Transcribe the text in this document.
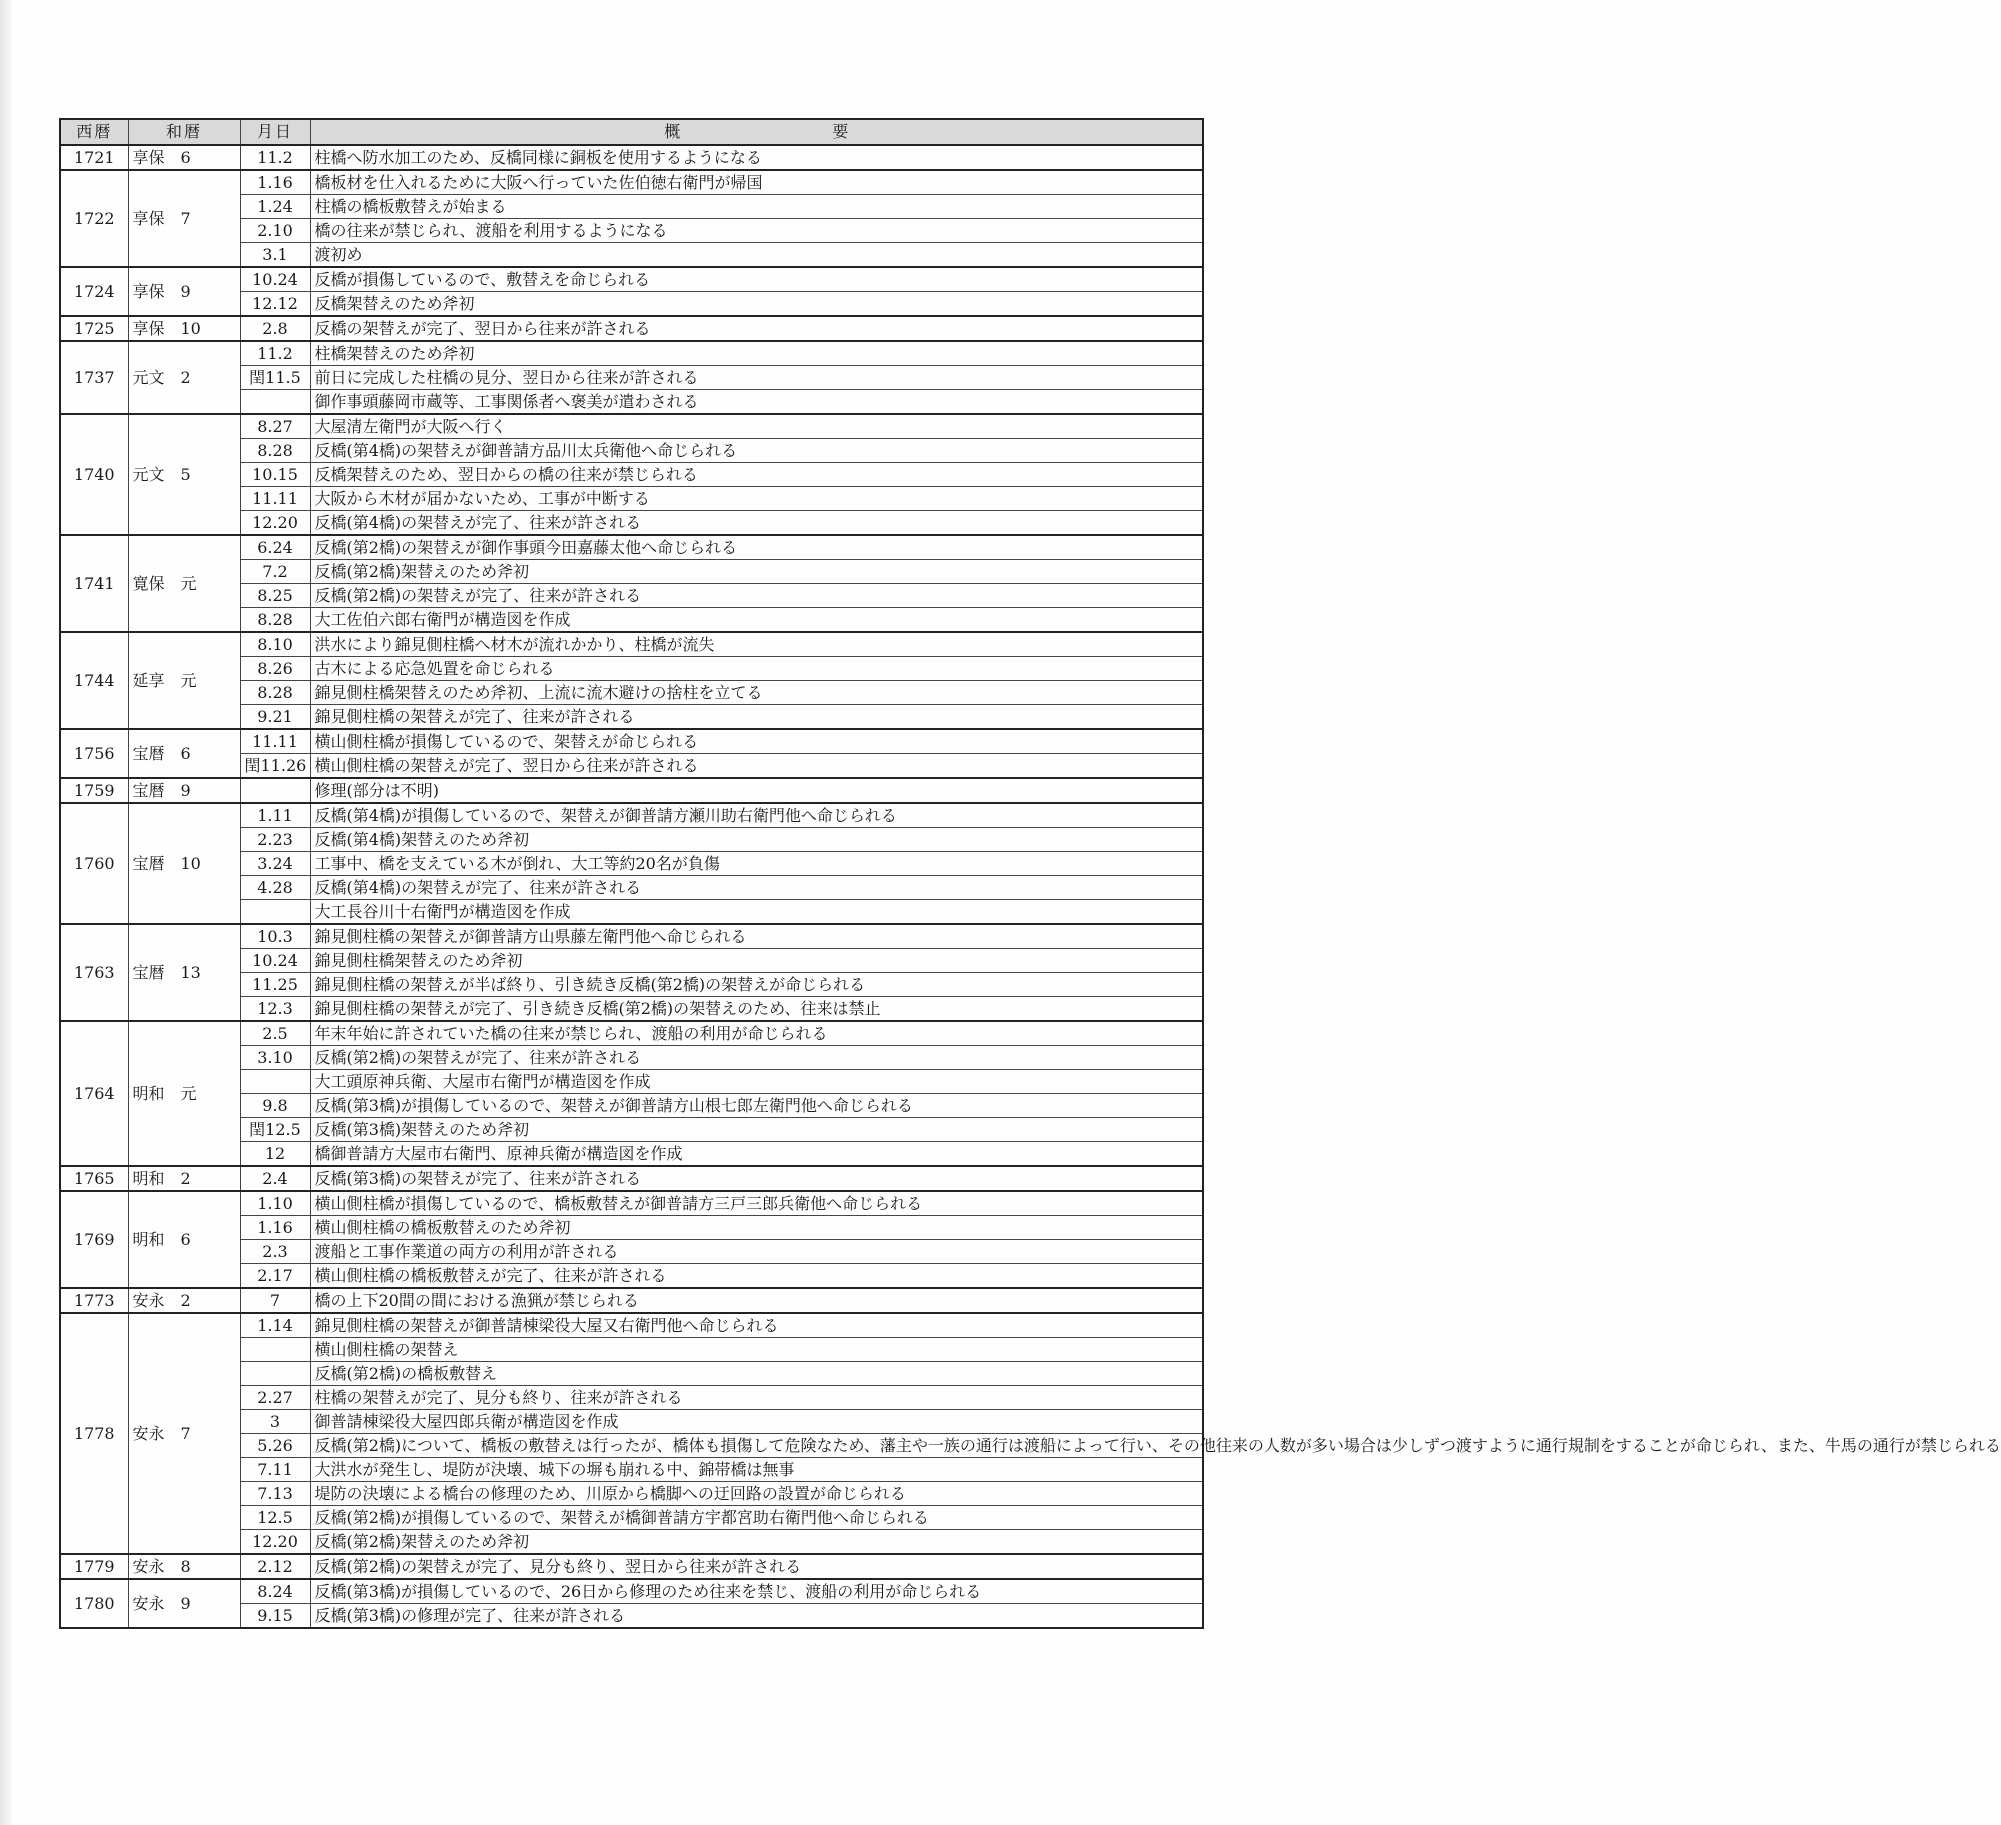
西暦	和暦	月日	概　　要
1721	享保　6	11.2	柱橋へ防水加工のため、反橋同様に銅板を使用するようになる
1722	享保　7	1.16	橋板材を仕入れるために大阪へ行っていた佐伯徳右衛門が帰国
		1.24	柱橋の橋板敷替えが始まる
		2.10	橋の往来が禁じられ、渡船を利用するようになる
		3.1	渡初め
1724	享保　9	10.24	反橋が損傷しているので、敷替えを命じられる
		12.12	反橋架替えのため斧初
1725	享保　10	2.8	反橋の架替えが完了、翌日から往来が許される
1737	元文　2	11.2	柱橋架替えのため斧初
		閏11.5	前日に完成した柱橋の見分、翌日から往来が許される
			御作事頭藤岡市蔵等、工事関係者へ褒美が遣わされる
1740	元文　5	8.27	大屋清左衛門が大阪へ行く
		8.28	反橋(第4橋)の架替えが御普請方品川太兵衛他へ命じられる
		10.15	反橋架替えのため、翌日からの橋の往来が禁じられる
		11.11	大阪から木材が届かないため、工事が中断する
		12.20	反橋(第4橋)の架替えが完了、往来が許される
1741	寛保　元	6.24	反橋(第2橋)の架替えが御作事頭今田嘉藤太他へ命じられる
		7.2	反橋(第2橋)架替えのため斧初
		8.25	反橋(第2橋)の架替えが完了、往来が許される
		8.28	大工佐伯六郎右衛門が構造図を作成
1744	延享　元	8.10	洪水により錦見側柱橋へ材木が流れかかり、柱橋が流失
		8.26	古木による応急処置を命じられる
		8.28	錦見側柱橋架替えのため斧初、上流に流木避けの捨柱を立てる
		9.21	錦見側柱橋の架替えが完了、往来が許される
1756	宝暦　6	11.11	横山側柱橋が損傷しているので、架替えが命じられる
		閏11.26	横山側柱橋の架替えが完了、翌日から往来が許される
1759	宝暦　9		修理(部分は不明)
1760	宝暦　10	1.11	反橋(第4橋)が損傷しているので、架替えが御普請方瀬川助右衛門他へ命じられる
		2.23	反橋(第4橋)架替えのため斧初
		3.24	工事中、橋を支えている木が倒れ、大工等約20名が負傷
		4.28	反橋(第4橋)の架替えが完了、往来が許される
			大工長谷川十右衛門が構造図を作成
1763	宝暦　13	10.3	錦見側柱橋の架替えが御普請方山県藤左衛門他へ命じられる
		10.24	錦見側柱橋架替えのため斧初
		11.25	錦見側柱橋の架替えが半ば終り、引き続き反橋(第2橋)の架替えが命じられる
		12.3	錦見側柱橋の架替えが完了、引き続き反橋(第2橋)の架替えのため、往来は禁止
1764	明和　元	2.5	年末年始に許されていた橋の往来が禁じられ、渡船の利用が命じられる
		3.10	反橋(第2橋)の架替えが完了、往来が許される
			大工頭原神兵衛、大屋市右衛門が構造図を作成
		9.8	反橋(第3橋)が損傷しているので、架替えが御普請方山根七郎左衛門他へ命じられる
		閏12.5	反橋(第3橋)架替えのため斧初
		12	橋御普請方大屋市右衛門、原神兵衛が構造図を作成
1765	明和　2	2.4	反橋(第3橋)の架替えが完了、往来が許される
1769	明和　6	1.10	横山側柱橋が損傷しているので、橋板敷替えが御普請方三戸三郎兵衛他へ命じられる
		1.16	横山側柱橋の橋板敷替えのため斧初
		2.3	渡船と工事作業道の両方の利用が許される
		2.17	横山側柱橋の橋板敷替えが完了、往来が許される
1773	安永　2	7	橋の上下20間の間における漁猟が禁じられる
1778	安永　7	1.14	錦見側柱橋の架替えが御普請棟梁役大屋又右衛門他へ命じられる
			横山側柱橋の架替え
			反橋(第2橋)の橋板敷替え
		2.27	柱橋の架替えが完了、見分も終り、往来が許される
		3	御普請棟梁役大屋四郎兵衛が構造図を作成
		5.26	反橋(第2橋)について、橋板の敷替えは行ったが、橋体も損傷して危険なため、藩主や一族の通行は渡船によって行い、その他往来の人数が多い場合は少しずつ渡すように通行規制をすることが命じられ、また、牛馬の通行が禁じられる
		7.11	大洪水が発生し、堤防が決壊、城下の塀も崩れる中、錦帯橋は無事
		7.13	堤防の決壊による橋台の修理のため、川原から橋脚への迂回路の設置が命じられる
		12.5	反橋(第2橋)が損傷しているので、架替えが橋御普請方宇都宮助右衛門他へ命じられる
		12.20	反橋(第2橋)架替えのため斧初
1779	安永　8	2.12	反橋(第2橋)の架替えが完了、見分も終り、翌日から往来が許される
1780	安永　9	8.24	反橋(第3橋)が損傷しているので、26日から修理のため往来を禁じ、渡船の利用が命じられる
		9.15	反橋(第3橋)の修理が完了、往来が許される
